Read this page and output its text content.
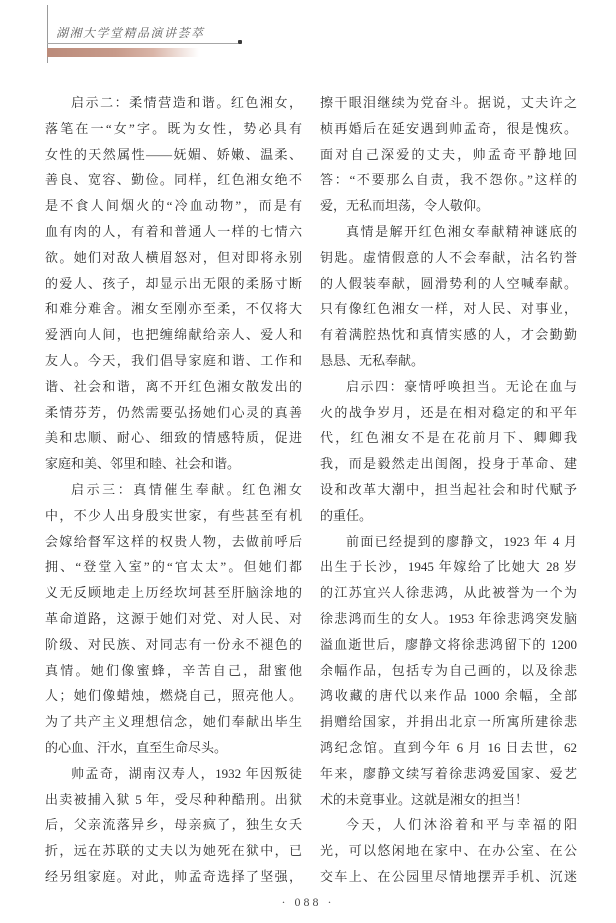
湖湘大学堂精品演讲荟萃
启示二：柔情营造和谐。红色湘女，
落笔在一“女”字。既为女性，势必具有
女性的天然属性——妩媚、娇嫩、温柔、
善良、宽容、勤俭。同样，红色湘女绝不
是不食人间烟火的“冷血动物”，而是有
血有肉的人，有着和普通人一样的七情六
欲。她们对敌人横眉怒对，但对即将永别
的爱人、孩子，却显示出无限的柔肠寸断
和难分难舍。湘女至刚亦至柔，不仅将大
爱洒向人间，也把缠绵献给亲人、爱人和
友人。今天，我们倡导家庭和谐、工作和
谐、社会和谐，离不开红色湘女散发出的
柔情芬芳，仍然需要弘扬她们心灵的真善
美和忠顺、耐心、细致的情感特质，促进
家庭和美、邻里和睦、社会和谐。
启示三：真情催生奉献。红色湘女
中，不少人出身殷实世家，有些甚至有机
会嫁给督军这样的权贵人物，去做前呼后
拥、“登堂入室”的“官太太”。但她们都
义无反顾地走上历经坎坷甚至肝脑涂地的
革命道路，这源于她们对党、对人民、对
阶级、对民族、对同志有一份永不褪色的
真情。她们像蜜蜂，辛苦自己，甜蜜他
人；她们像蜡烛，燃烧自己，照亮他人。
为了共产主义理想信念，她们奉献出毕生
的心血、汗水，直至生命尽头。
帅孟奇，湖南汉寿人，1932 年因叛徒
出卖被捕入狱 5 年，受尽种种酷刑。出狱
后，父亲流落异乡，母亲疯了，独生女夭
折，远在苏联的丈夫以为她死在狱中，已
经另组家庭。对此，帅孟奇选择了坚强，
擦干眼泪继续为党奋斗。据说，丈夫许之
桢再婚后在延安遇到帅孟奇，很是愧疚。
面对自己深爱的丈夫，帅孟奇平静地回
答：“不要那么自责，我不怨你。”这样的
爱，无私而坦荡，令人敬仰。
真情是解开红色湘女奉献精神谜底的
钥匙。虚情假意的人不会奉献，沽名钓誉
的人假装奉献，圆滑势利的人空喊奉献。
只有像红色湘女一样，对人民、对事业，
有着满腔热忱和真情实感的人，才会勤勤
恳恳、无私奉献。
启示四：豪情呼唤担当。无论在血与
火的战争岁月，还是在相对稳定的和平年
代，红色湘女不是在花前月下、卿卿我
我，而是毅然走出闺阁，投身于革命、建
设和改革大潮中，担当起社会和时代赋予
的重任。
前面已经提到的廖静文，1923 年 4 月
出生于长沙，1945 年嫁给了比她大 28 岁
的江苏宜兴人徐悲鸿，从此被誉为一个为
徐悲鸿而生的女人。1953 年徐悲鸿突发脑
溢血逝世后，廖静文将徐悲鸿留下的 1200
余幅作品，包括专为自己画的，以及徐悲
鸿收藏的唐代以来作品 1000 余幅，全部
捐赠给国家，并捐出北京一所寓所建徐悲
鸿纪念馆。直到今年 6 月 16 日去世，62
年来，廖静文续写着徐悲鸿爱国家、爱艺
术的未竟事业。这就是湘女的担当！
今天，人们沐浴着和平与幸福的阳
光，可以悠闲地在家中、在办公室、在公
交车上、在公园里尽情地摆弄手机、沉迷
· 088 ·
